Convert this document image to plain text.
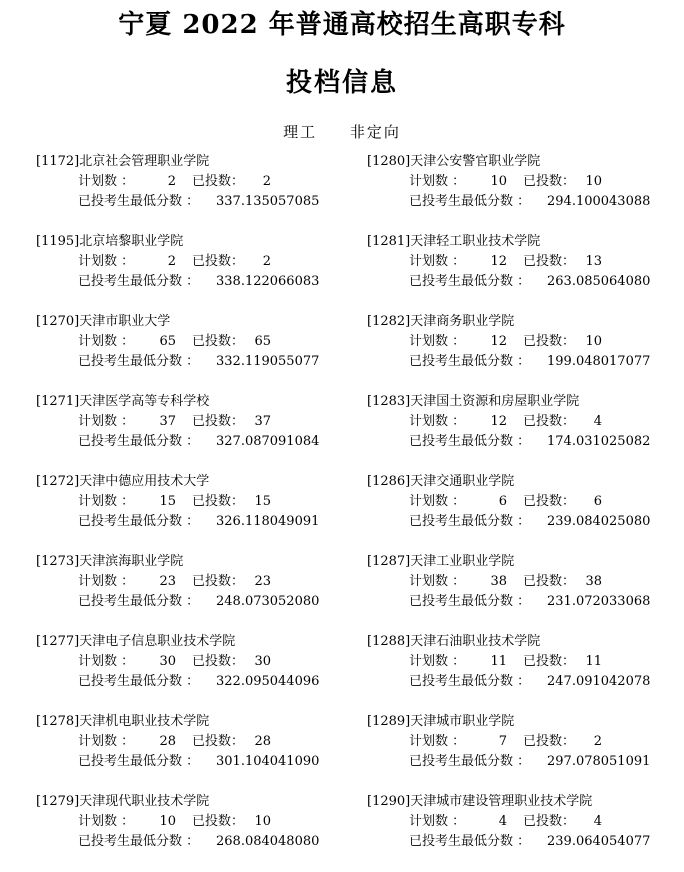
宁夏 2022 年普通高校招生高职专科
投档信息
理工 非定向
[1172]北京社会管理职业学院
计划数 ：	2 已投数：	2
已投考生最低分数 ： 337.135057085
[1195]北京培黎职业学院
计划数 ：	2 已投数：	2
已投考生最低分数 ： 338.122066083
[1270]天津市职业大学
计划数 ：	65 已投数： 65
已投考生最低分数 ： 332.119055077
[1271]天津医学高等专科学校
计划数 ：	37 已投数： 37
已投考生最低分数 ： 327.087091084
[1272]天津中德应用技术大学
计划数 ：	15 已投数： 15
已投考生最低分数 ： 326.118049091
[1273]天津滨海职业学院
计划数 ：	23 已投数： 23
已投考生最低分数 ： 248.073052080
[1277]天津电子信息职业技术学院
计划数 ：	30 已投数： 30
已投考生最低分数 ： 322.095044096
[1278]天津机电职业技术学院
计划数 ：	28 已投数： 28
已投考生最低分数 ： 301.104041090
[1279]天津现代职业技术学院
计划数 ：	10 已投数： 10
已投考生最低分数 ： 268.084048080
[1280]天津公安警官职业学院
计划数 ：	10 已投数： 10
已投考生最低分数 ： 294.100043088
[1281]天津轻工职业技术学院
计划数 ：	12 已投数： 13
已投考生最低分数 ： 263.085064080
[1282]天津商务职业学院
计划数 ：	12 已投数： 10
已投考生最低分数 ： 199.048017077
[1283]天津国土资源和房屋职业学院
计划数 ：	12 已投数：	4
已投考生最低分数 ： 174.031025082
[1286]天津交通职业学院
计划数 ：	6 已投数：	6
已投考生最低分数 ： 239.084025080
[1287]天津工业职业学院
计划数 ：	38 已投数： 38
已投考生最低分数 ： 231.072033068
[1288]天津石油职业技术学院
计划数 ：	11 已投数： 11
已投考生最低分数 ： 247.091042078
[1289]天津城市职业学院
计划数 ：	7 已投数：	2
已投考生最低分数 ： 297.078051091
[1290]天津城市建设管理职业技术学院
计划数 ：	4 已投数：	4
已投考生最低分数 ： 239.064054077
